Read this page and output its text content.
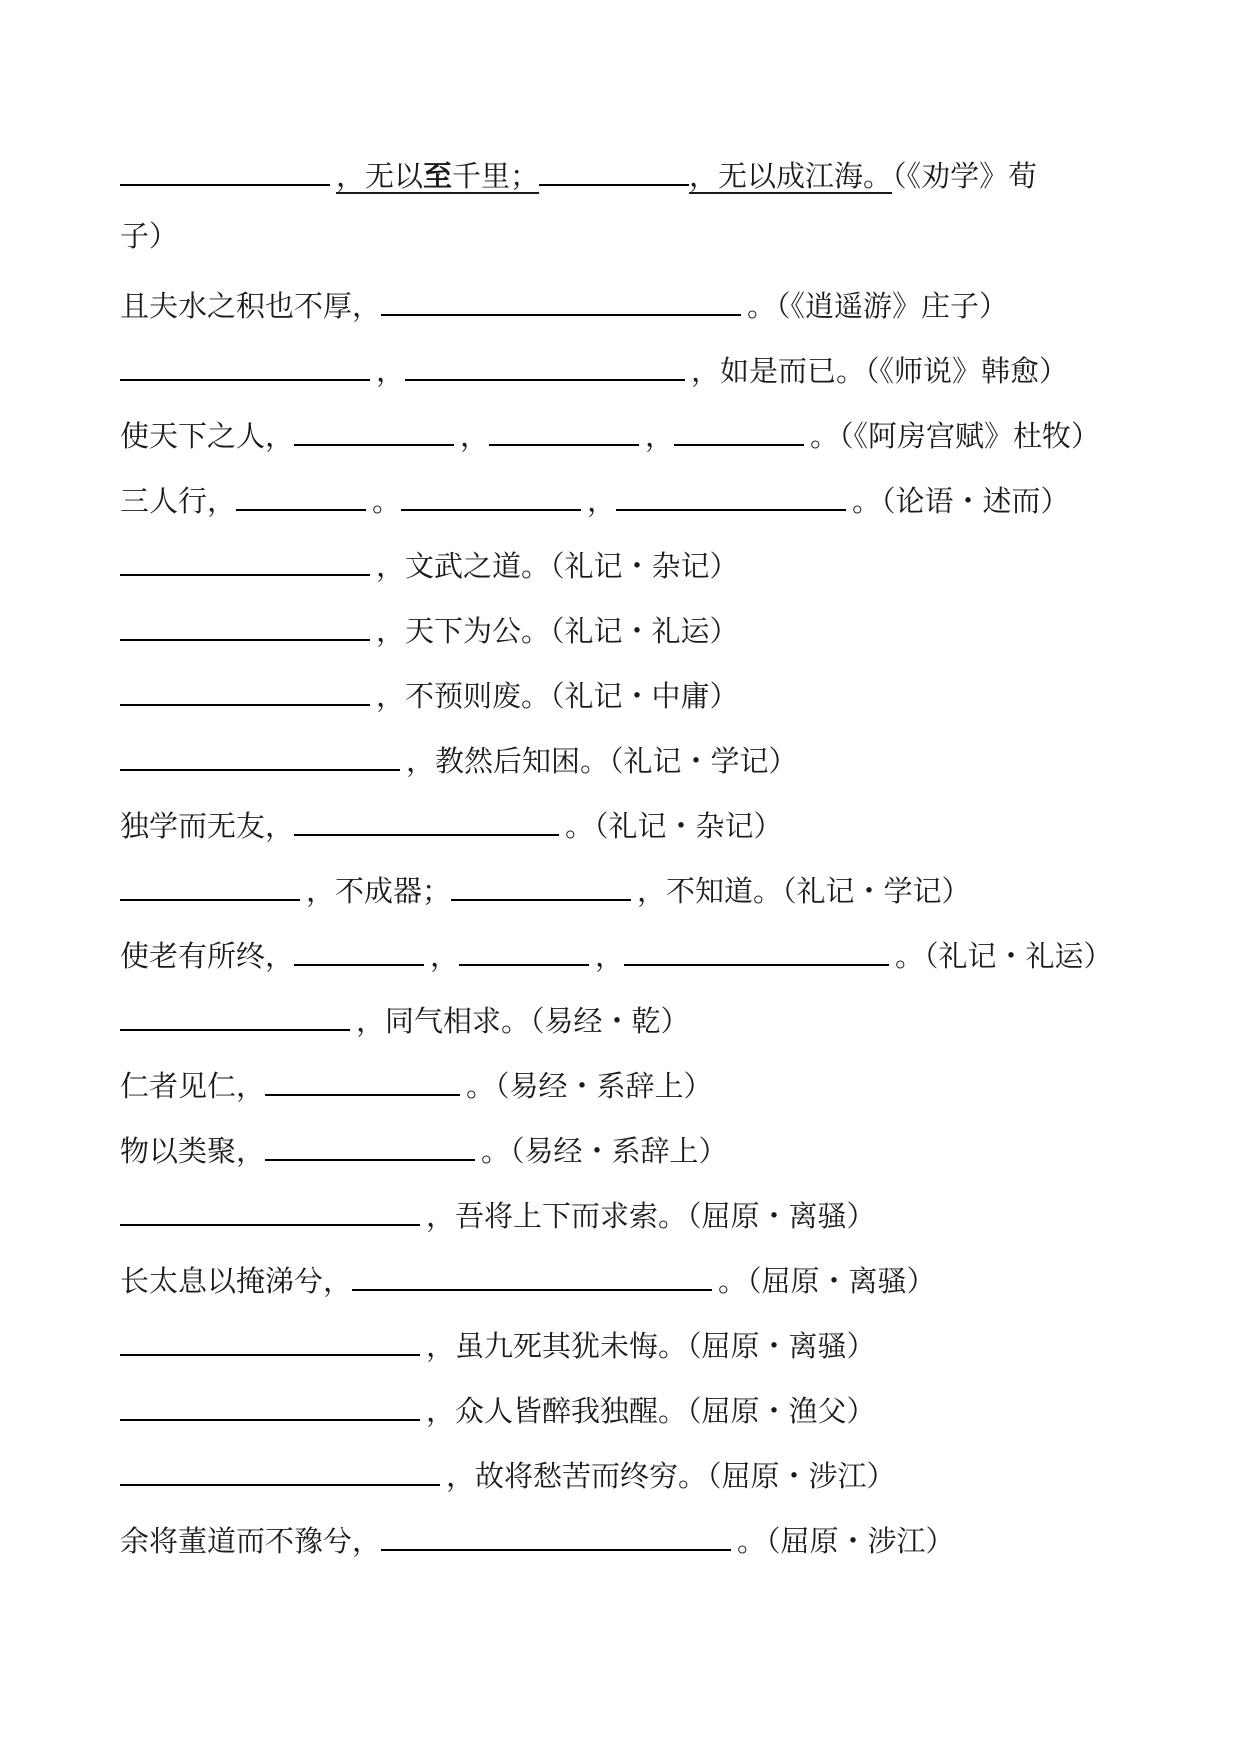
，无以至千里；	，无以成江海。（《劝学》荀
子）
且夫水之积也不厚，	。（《逍遥游》庄子）
，	，如是而已。（《师说》韩愈）
使天下之人，	，	，	。（《阿房宫赋》杜牧）
三人行，	。	，	。（论语・述而）
，文武之道。（礼记・杂记）
，天下为公。（礼记・礼运）
，不预则废。（礼记・中庸）
，教然后知困。（礼记・学记）
独学而无友，	。（礼记・杂记）
，不成器；	，不知道。（礼记・学记）
使老有所终，	，	，	。（礼记・礼运）
，同气相求。（易经・乾）
仁者见仁，	。（易经・系辞上）
物以类聚，	。（易经・系辞上）
，吾将上下而求索。（屈原・离骚）
长太息以掩涕兮，	。（屈原・离骚）
，虽九死其犹未悔。（屈原・离骚）
，众人皆醉我独醒。（屈原・渔父）
，故将愁苦而终穷。（屈原・涉江）
余将董道而不豫兮，	。（屈原・涉江）
